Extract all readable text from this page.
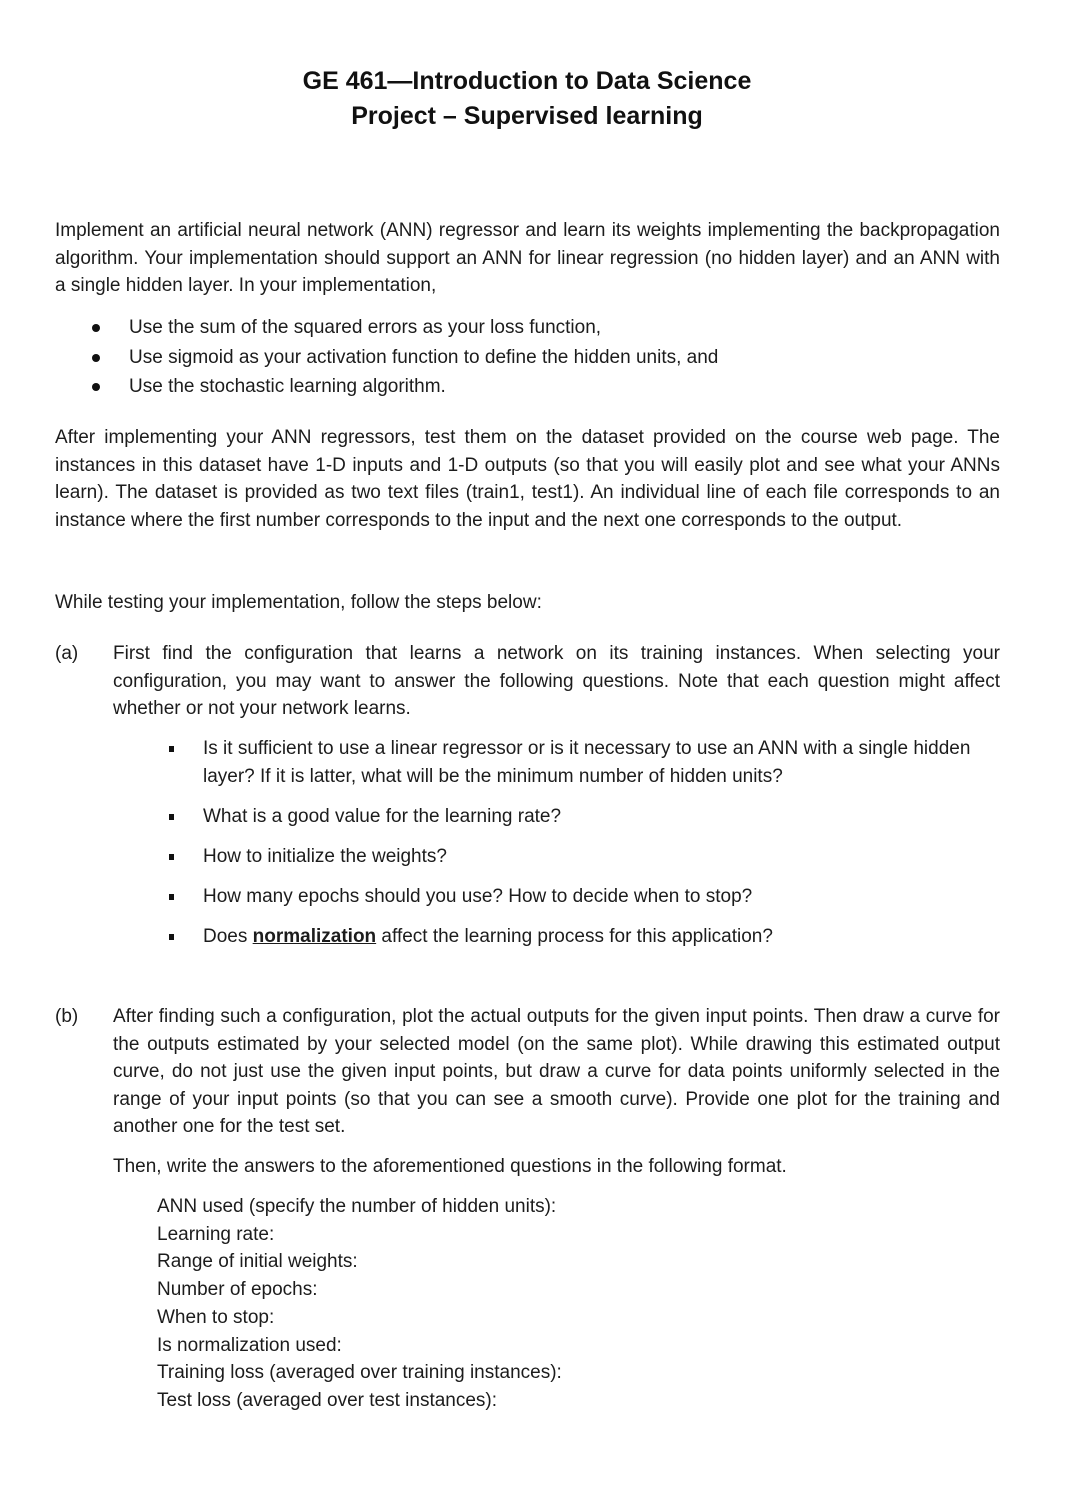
GE 461—Introduction to Data Science
Project – Supervised learning
Implement an artificial neural network (ANN) regressor and learn its weights implementing the backpropagation algorithm. Your implementation should support an ANN for linear regression (no hidden layer) and an ANN with a single hidden layer. In your implementation,
Use the sum of the squared errors as your loss function,
Use sigmoid as your activation function to define the hidden units, and
Use the stochastic learning algorithm.
After implementing your ANN regressors, test them on the dataset provided on the course web page. The instances in this dataset have 1-D inputs and 1-D outputs (so that you will easily plot and see what your ANNs learn). The dataset is provided as two text files (train1, test1). An individual line of each file corresponds to an instance where the first number corresponds to the input and the next one corresponds to the output.
While testing your implementation, follow the steps below:
(a) First find the configuration that learns a network on its training instances. When selecting your configuration, you may want to answer the following questions. Note that each question might affect whether or not your network learns.
Is it sufficient to use a linear regressor or is it necessary to use an ANN with a single hidden layer? If it is latter, what will be the minimum number of hidden units?
What is a good value for the learning rate?
How to initialize the weights?
How many epochs should you use? How to decide when to stop?
Does normalization affect the learning process for this application?
(b) After finding such a configuration, plot the actual outputs for the given input points. Then draw a curve for the outputs estimated by your selected model (on the same plot). While drawing this estimated output curve, do not just use the given input points, but draw a curve for data points uniformly selected in the range of your input points (so that you can see a smooth curve). Provide one plot for the training and another one for the test set.
Then, write the answers to the aforementioned questions in the following format.
ANN used (specify the number of hidden units):
Learning rate:
Range of initial weights:
Number of epochs:
When to stop:
Is normalization used:
Training loss (averaged over training instances):
Test loss (averaged over test instances):
